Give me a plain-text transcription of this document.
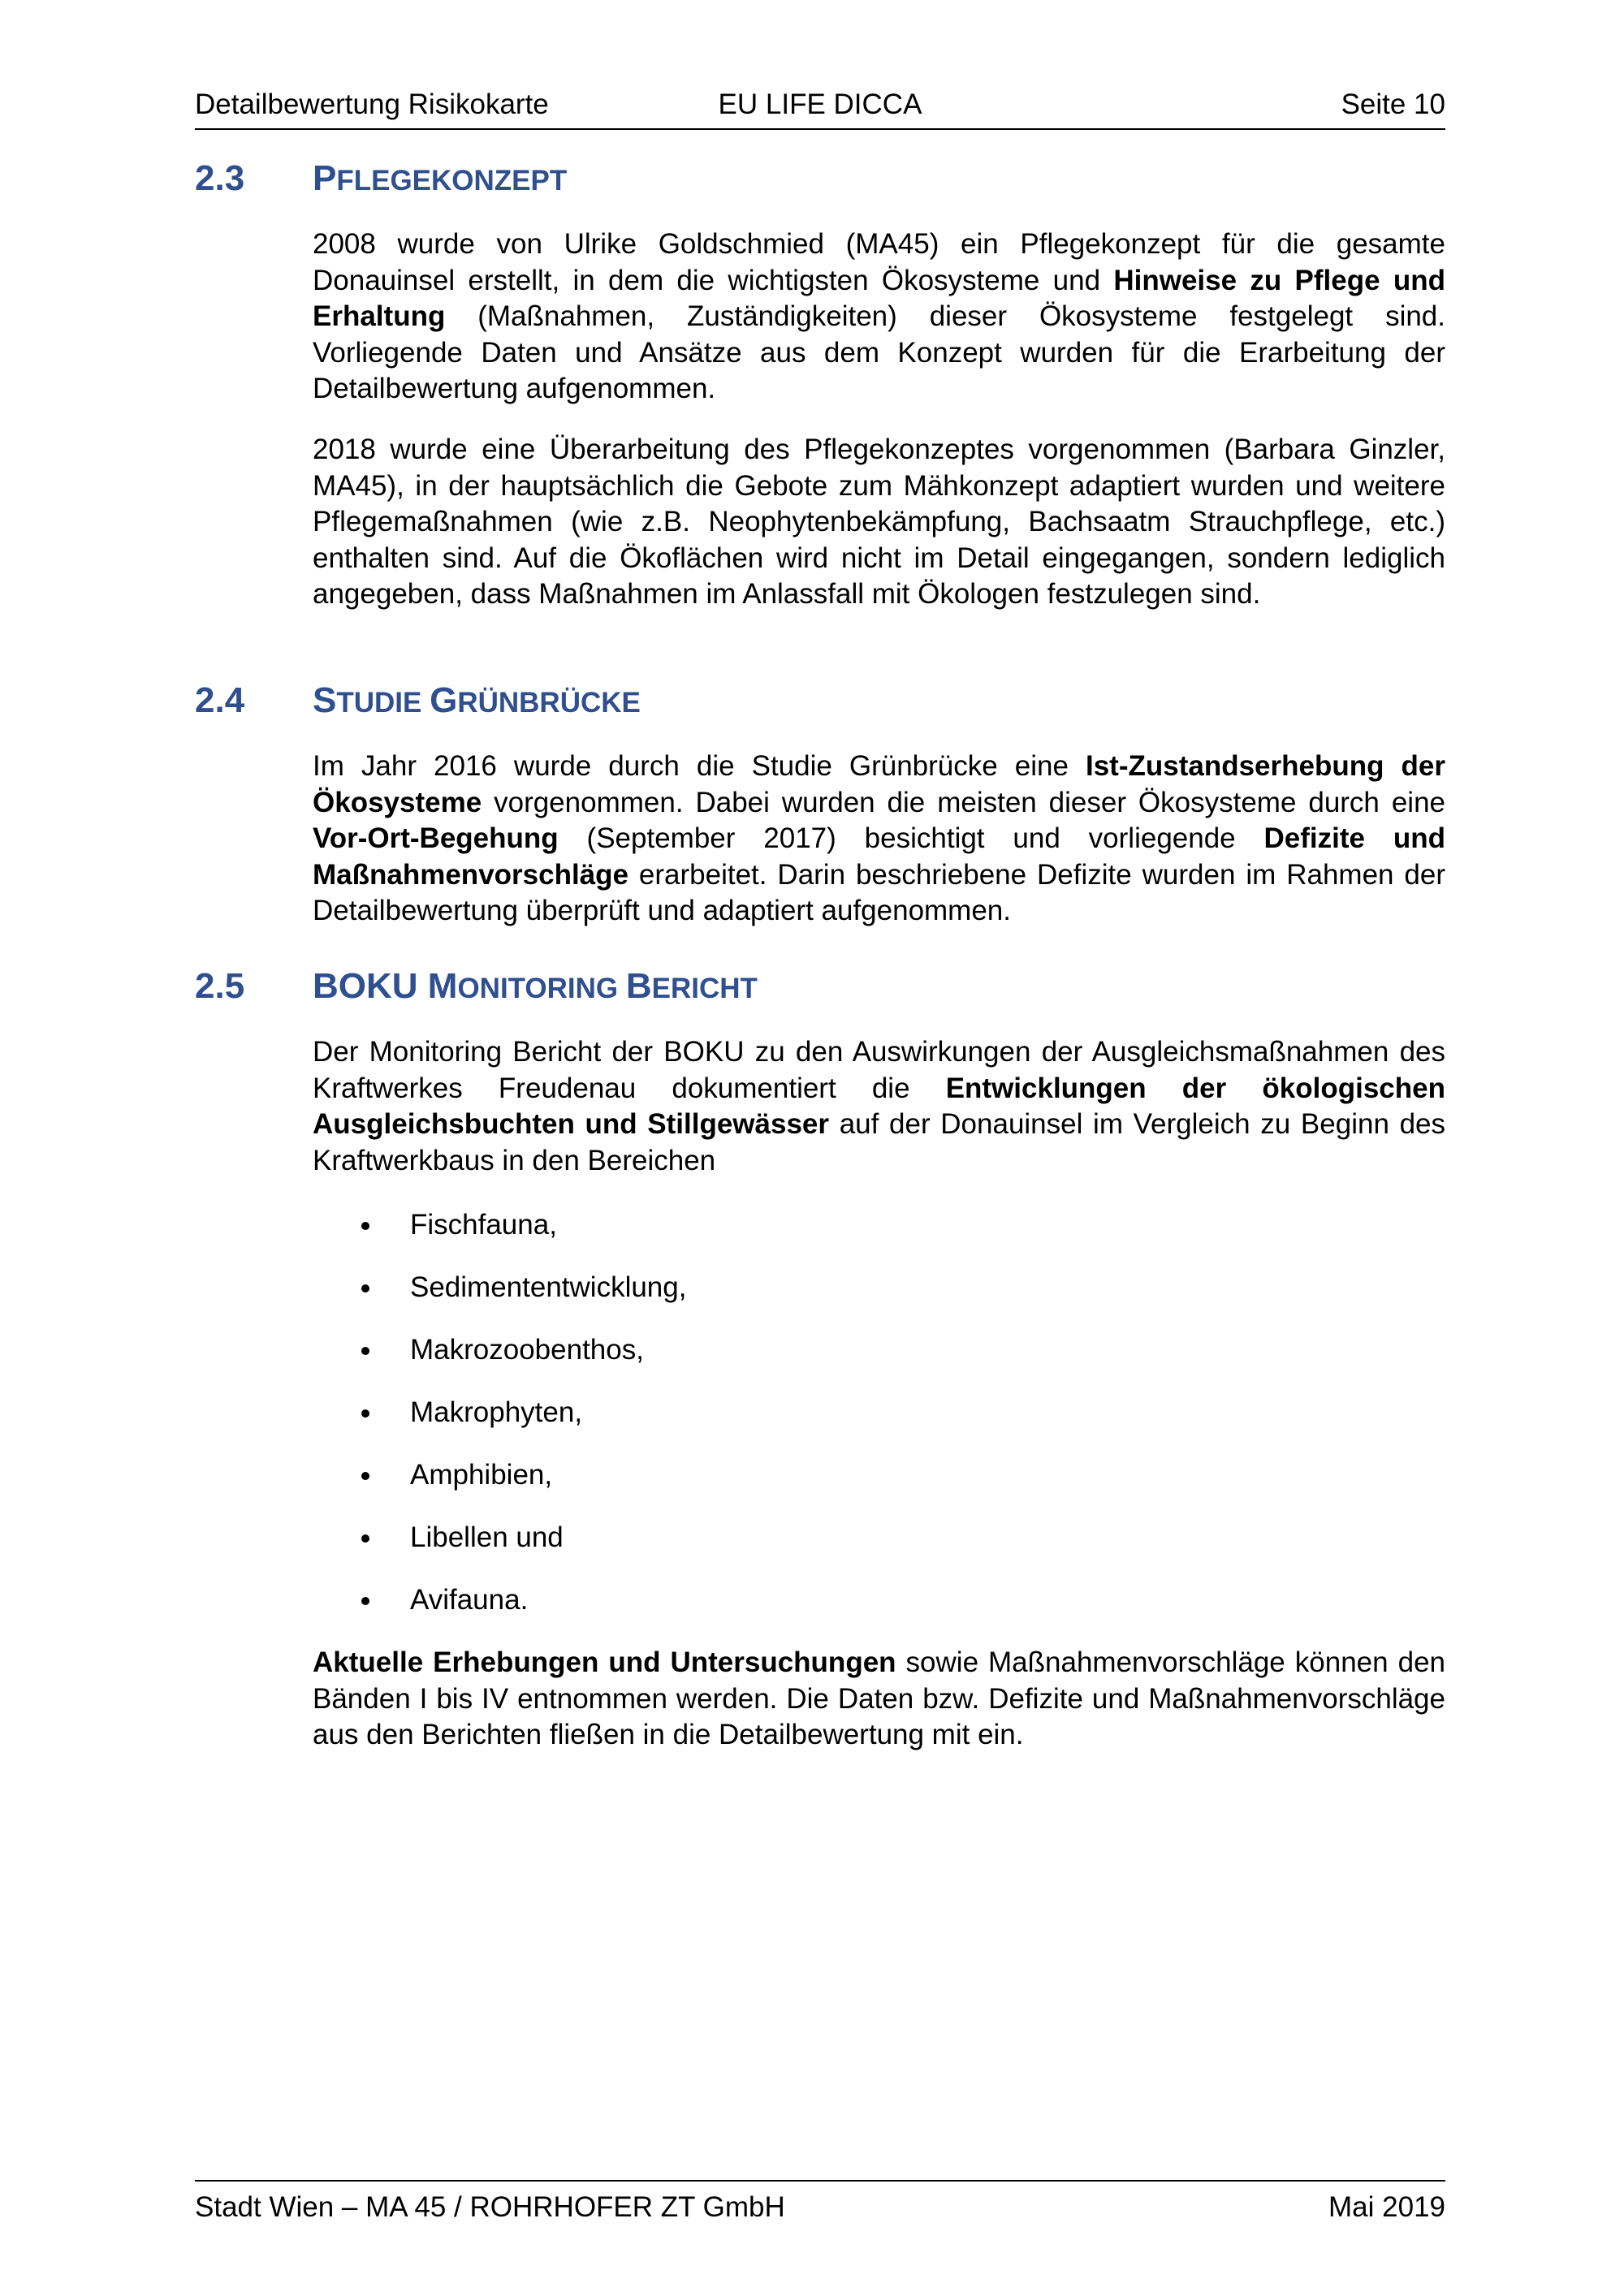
Detailbewertung Risikokarte	EU LIFE DICCA	Seite 10
2.3 PFLEGEKONZEPT
2008 wurde von Ulrike Goldschmied (MA45) ein Pflegekonzept für die gesamte Donauinsel erstellt, in dem die wichtigsten Ökosysteme und Hinweise zu Pflege und Erhaltung (Maßnahmen, Zuständigkeiten) dieser Ökosysteme festgelegt sind. Vorliegende Daten und Ansätze aus dem Konzept wurden für die Erarbeitung der Detailbewertung aufgenommen.
2018 wurde eine Überarbeitung des Pflegekonzeptes vorgenommen (Barbara Ginzler, MA45), in der hauptsächlich die Gebote zum Mähkonzept adaptiert wurden und weitere Pflegemaßnahmen (wie z.B. Neophytenbekämpfung, Bachsaatm Strauchpflege, etc.) enthalten sind. Auf die Ökoflächen wird nicht im Detail eingegangen, sondern lediglich angegeben, dass Maßnahmen im Anlassfall mit Ökologen festzulegen sind.
2.4 STUDIE GRÜNBRÜCKE
Im Jahr 2016 wurde durch die Studie Grünbrücke eine Ist-Zustandserhebung der Ökosysteme vorgenommen. Dabei wurden die meisten dieser Ökosysteme durch eine Vor-Ort-Begehung (September 2017) besichtigt und vorliegende Defizite und Maßnahmenvorschläge erarbeitet. Darin beschriebene Defizite wurden im Rahmen der Detailbewertung überprüft und adaptiert aufgenommen.
2.5 BOKU MONITORING BERICHT
Der Monitoring Bericht der BOKU zu den Auswirkungen der Ausgleichsmaßnahmen des Kraftwerkes Freudenau dokumentiert die Entwicklungen der ökologischen Ausgleichsbuchten und Stillgewässer auf der Donauinsel im Vergleich zu Beginn des Kraftwerkbaus in den Bereichen
Fischfauna,
Sedimententwicklung,
Makrozoobenthos,
Makrophyten,
Amphibien,
Libellen und
Avifauna.
Aktuelle Erhebungen und Untersuchungen sowie Maßnahmenvorschläge können den Bänden I bis IV entnommen werden. Die Daten bzw. Defizite und Maßnahmenvorschläge aus den Berichten fließen in die Detailbewertung mit ein.
Stadt Wien – MA 45 / ROHRHOFER ZT GmbH	Mai 2019
